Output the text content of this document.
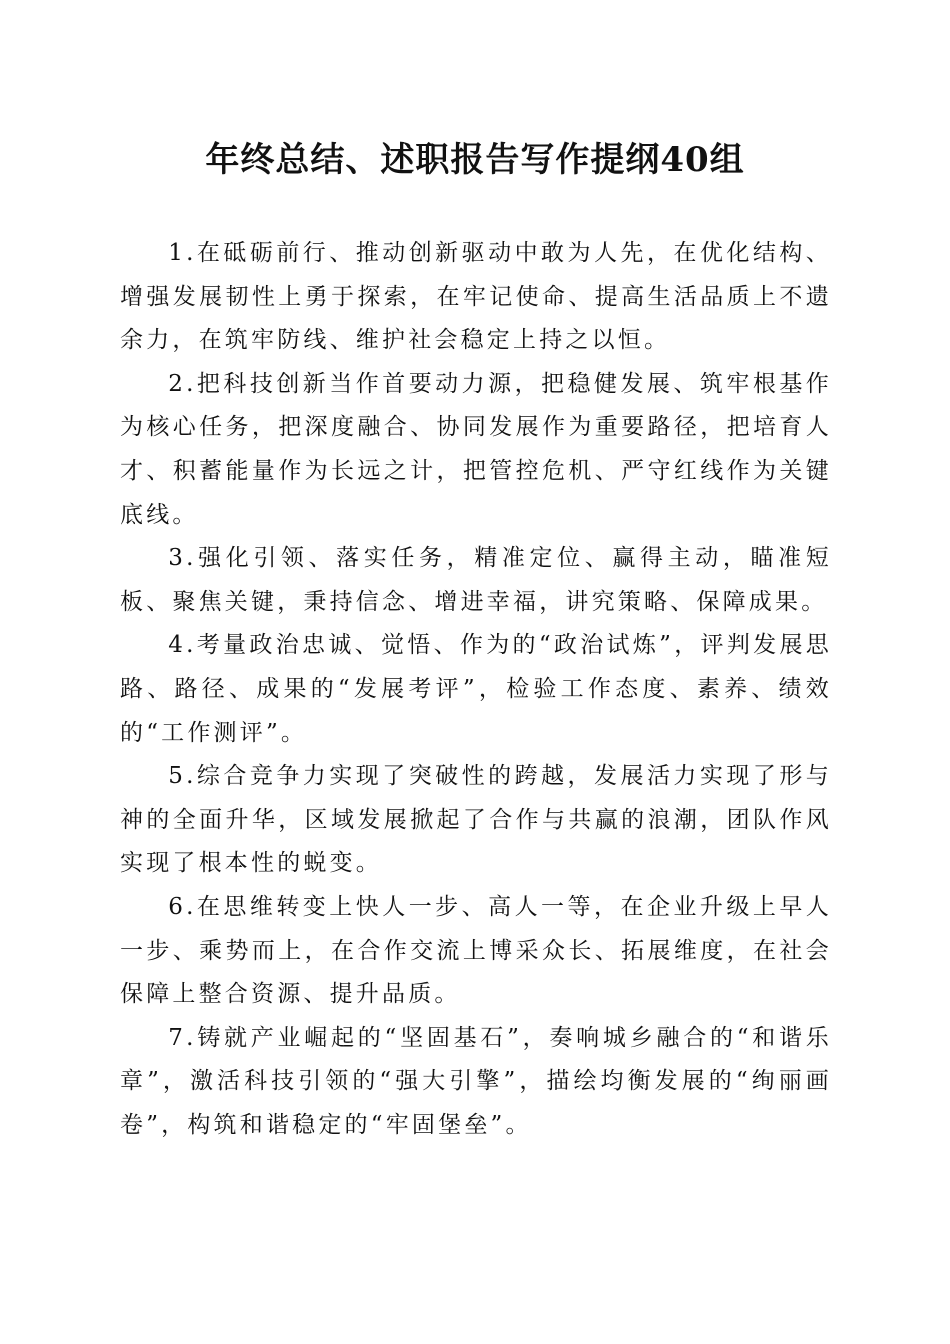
年终总结、述职报告写作提纲40组

1.在砥砺前行、推动创新驱动中敢为人先，在优化结构、增强发展韧性上勇于探索，在牢记使命、提高生活品质上不遗余力，在筑牢防线、维护社会稳定上持之以恒。

2.把科技创新当作首要动力源，把稳健发展、筑牢根基作为核心任务，把深度融合、协同发展作为重要路径，把培育人才、积蓄能量作为长远之计，把管控危机、严守红线作为关键底线。

3.强化引领、落实任务，精准定位、赢得主动，瞄准短板、聚焦关键，秉持信念、增进幸福，讲究策略、保障成果。

4.考量政治忠诚、觉悟、作为的“政治试炼”，评判发展思路、路径、成果的“发展考评”，检验工作态度、素养、绩效的“工作测评”。

5.综合竞争力实现了突破性的跨越，发展活力实现了形与神的全面升华，区域发展掀起了合作与共赢的浪潮，团队作风实现了根本性的蜕变。

6.在思维转变上快人一步、高人一等，在企业升级上早人一步、乘势而上，在合作交流上博采众长、拓展维度，在社会保障上整合资源、提升品质。

7.铸就产业崛起的“坚固基石”，奏响城乡融合的“和谐乐章”，激活科技引领的“强大引擎”，描绘均衡发展的“绚丽画卷”，构筑和谐稳定的“牢固堡垒”。
